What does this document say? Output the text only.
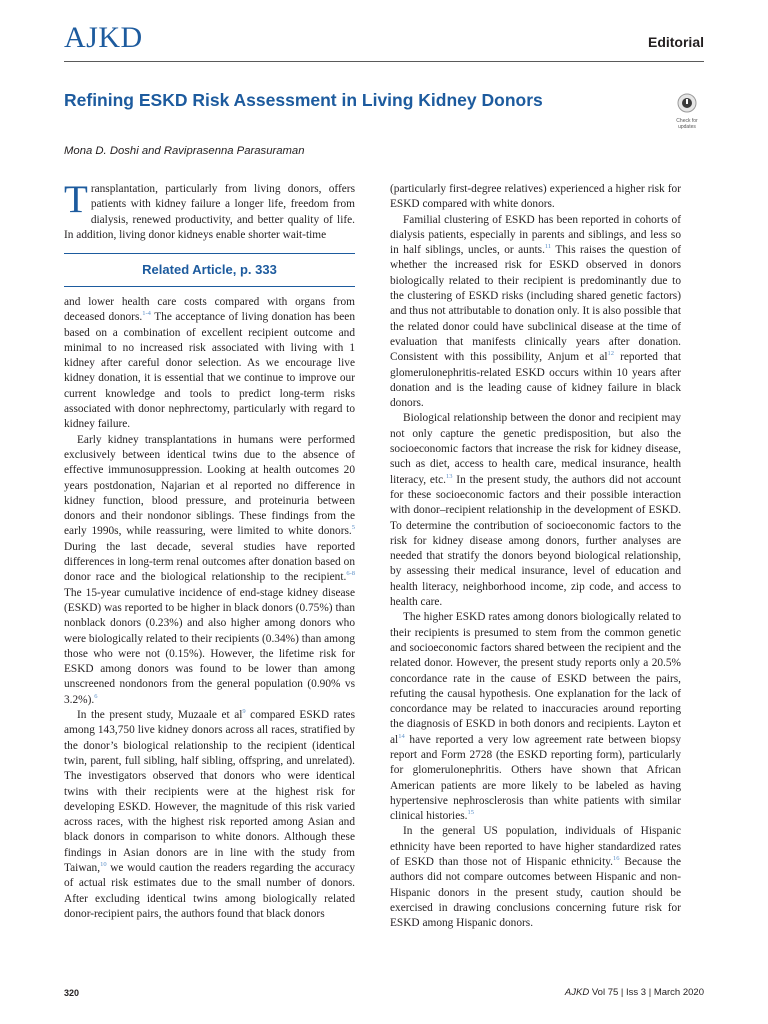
AJKD	Editorial
Refining ESKD Risk Assessment in Living Kidney Donors
Check for updates
Mona D. Doshi and Raviprasenna Parasuraman

Transplantation, particularly from living donors, offers patients with kidney failure a longer life, freedom from dialysis, renewed productivity, and better quality of life. In addition, living donor kidneys enable shorter wait-time

Related Article, p. 333

and lower health care costs compared with organs from deceased donors.$^{1-4}$ The acceptance of living donation has been based on a combination of excellent recipient outcome and minimal to no increased risk associated with living with 1 kidney after careful donor selection. As we encourage live kidney donation, it is essential that we continue to improve our current knowledge and tools to predict long-term risks associated with donor nephrectomy, particularly with regard to kidney failure.

Early kidney transplantations in humans were performed exclusively between identical twins due to the absence of effective immunosuppression. Looking at health outcomes 20 years postdonation, Najarian et al reported no difference in kidney function, blood pressure, and proteinuria between donors and their nondonor siblings. These findings from the early 1990s, while reassuring, were limited to white donors.$^5$ During the last decade, several studies have reported differences in long-term renal outcomes after donation based on donor race and the biological relationship to the recipient.$^{6-8}$ The 15-year cumulative incidence of end-stage kidney disease (ESKD) was reported to be higher in black donors (0.75%) than nonblack donors (0.23%) and also higher among donors who were biologically related to their recipients (0.34%) than among those who were not (0.15%). However, the lifetime risk for ESKD among donors was found to be lower than among unscreened nondonors from the general population (0.90% vs 3.2%).$^6$

In the present study, Muzaale et al$^9$ compared ESKD rates among 143,750 live kidney donors across all races, stratified by the donor’s biological relationship to the recipient (identical twin, parent, full sibling, half sibling, offspring, and unrelated). The investigators observed that donors who were identical twins with their recipients were at the highest risk for developing ESKD. However, the magnitude of this risk varied across races, with the highest risk reported among Asian and black donors in comparison to white donors. Although these findings in Asian donors are in line with the study from Taiwan,$^{10}$ we would caution the readers regarding the accuracy of actual risk estimates due to the small number of donors. After excluding identical twins among biologically related donor-recipient pairs, the authors found that black donors

(particularly first-degree relatives) experienced a higher risk for ESKD compared with white donors.

Familial clustering of ESKD has been reported in cohorts of dialysis patients, especially in parents and siblings, and less so in half siblings, uncles, or aunts.$^{11}$ This raises the question of whether the increased risk for ESKD observed in donors biologically related to their recipient is predominantly due to the clustering of ESKD risks (including shared genetic factors) and thus not attributable to donation only. It is also possible that the related donor could have subclinical disease at the time of evaluation that manifests clinically years after donation. Consistent with this possibility, Anjum et al$^{12}$ reported that glomerulonephritis-related ESKD occurs within 10 years after donation and is the leading cause of kidney failure in black donors.

Biological relationship between the donor and recipient may not only capture the genetic predisposition, but also the socioeconomic factors that increase the risk for kidney disease, such as diet, access to health care, medical insurance, health literacy, etc.$^{13}$ In the present study, the authors did not account for these socioeconomic factors and their possible interaction with donor–recipient relationship in the development of ESKD. To determine the contribution of socioeconomic factors to the risk for kidney disease among donors, further analyses are needed that stratify the donors beyond biological relationship, by assessing their medical insurance, level of education and health literacy, neighborhood income, zip code, and access to health care.

The higher ESKD rates among donors biologically related to their recipients is presumed to stem from the common genetic and socioeconomic factors shared between the recipient and the related donor. However, the present study reports only a 20.5% concordance rate in the cause of ESKD between the pairs, refuting the causal hypothesis. One explanation for the lack of concordance may be related to inaccuracies around reporting the diagnosis of ESKD in both donors and recipients. Layton et al$^{14}$ have reported a very low agreement rate between biopsy report and Form 2728 (the ESKD reporting form), particularly for glomerulonephritis. Others have shown that African American patients are more likely to be labeled as having hypertensive nephrosclerosis than white patients with similar clinical histories.$^{15}$

In the general US population, individuals of Hispanic ethnicity have been reported to have higher standardized rates of ESKD than those not of Hispanic ethnicity.$^{16}$ Because the authors did not compare outcomes between Hispanic and non-Hispanic donors in the present study, caution should be exercised in drawing conclusions concerning future risk for ESKD among Hispanic donors.

320	AJKD Vol 75 | Iss 3 | March 2020
